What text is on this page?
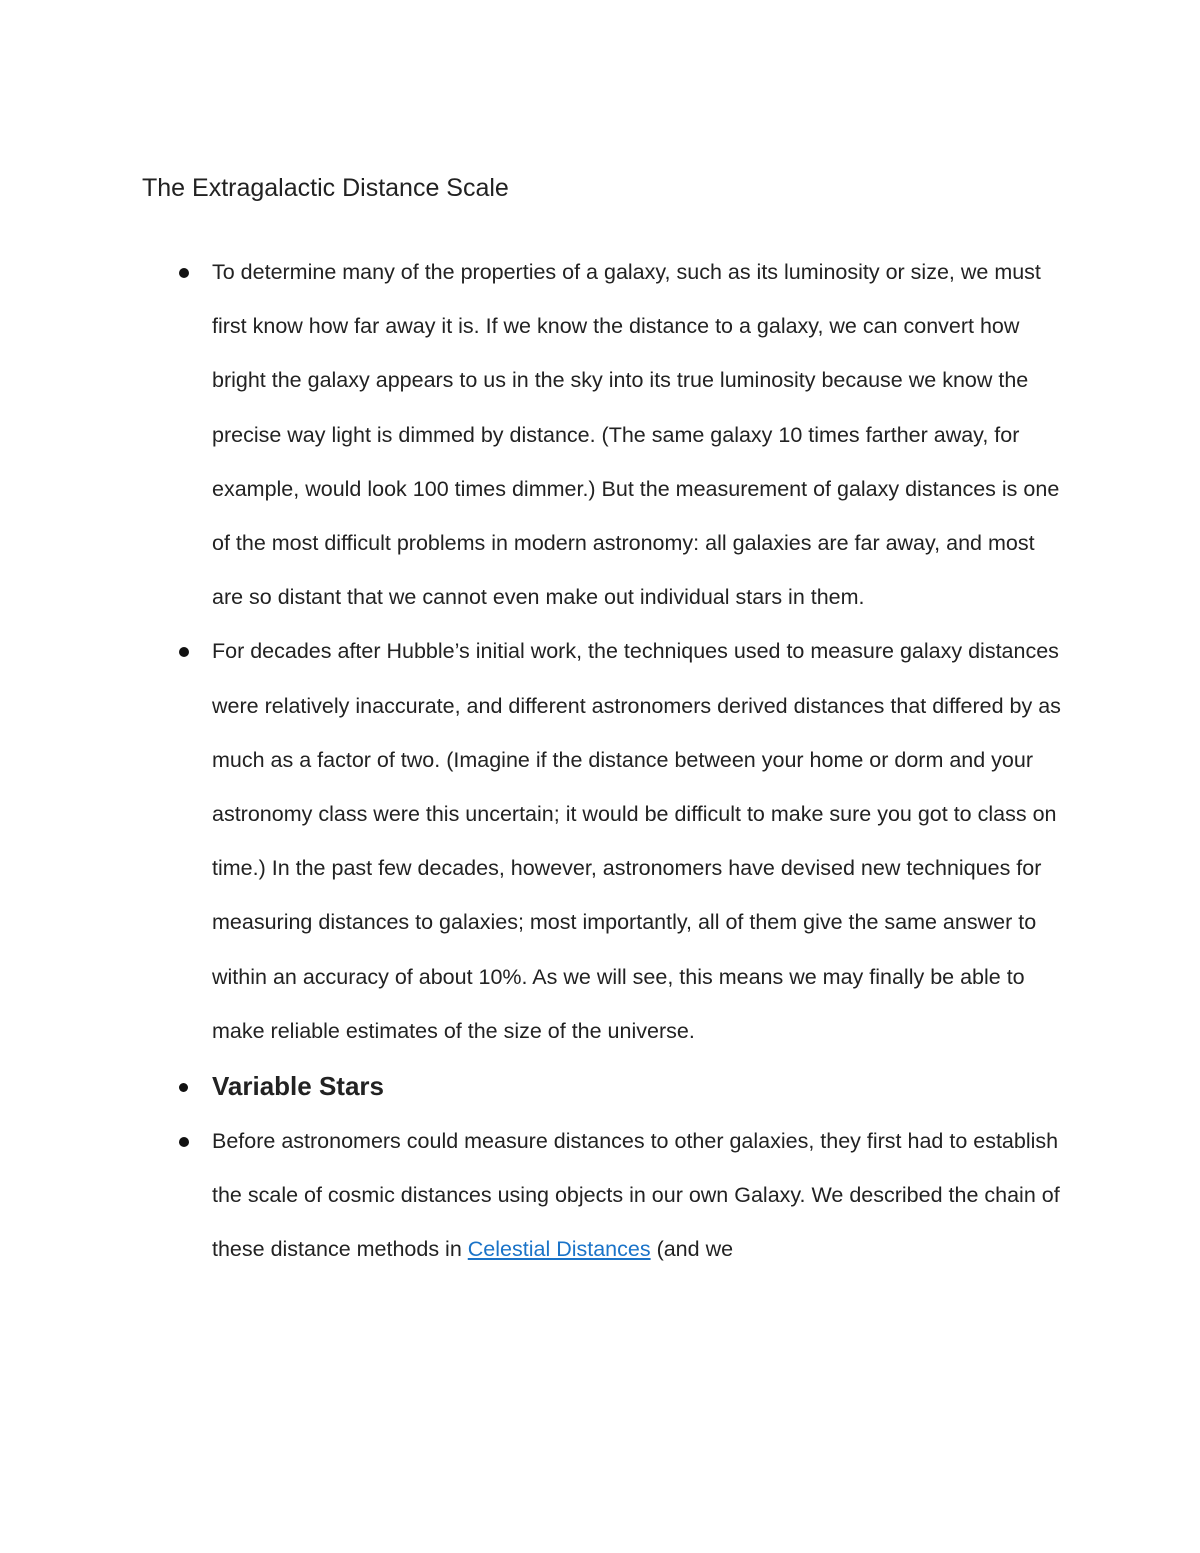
The Extragalactic Distance Scale
To determine many of the properties of a galaxy, such as its luminosity or size, we must first know how far away it is. If we know the distance to a galaxy, we can convert how bright the galaxy appears to us in the sky into its true luminosity because we know the precise way light is dimmed by distance. (The same galaxy 10 times farther away, for example, would look 100 times dimmer.) But the measurement of galaxy distances is one of the most difficult problems in modern astronomy: all galaxies are far away, and most are so distant that we cannot even make out individual stars in them.
For decades after Hubble’s initial work, the techniques used to measure galaxy distances were relatively inaccurate, and different astronomers derived distances that differed by as much as a factor of two. (Imagine if the distance between your home or dorm and your astronomy class were this uncertain; it would be difficult to make sure you got to class on time.) In the past few decades, however, astronomers have devised new techniques for measuring distances to galaxies; most importantly, all of them give the same answer to within an accuracy of about 10%. As we will see, this means we may finally be able to make reliable estimates of the size of the universe.
Variable Stars
Before astronomers could measure distances to other galaxies, they first had to establish the scale of cosmic distances using objects in our own Galaxy. We described the chain of these distance methods in Celestial Distances (and we
